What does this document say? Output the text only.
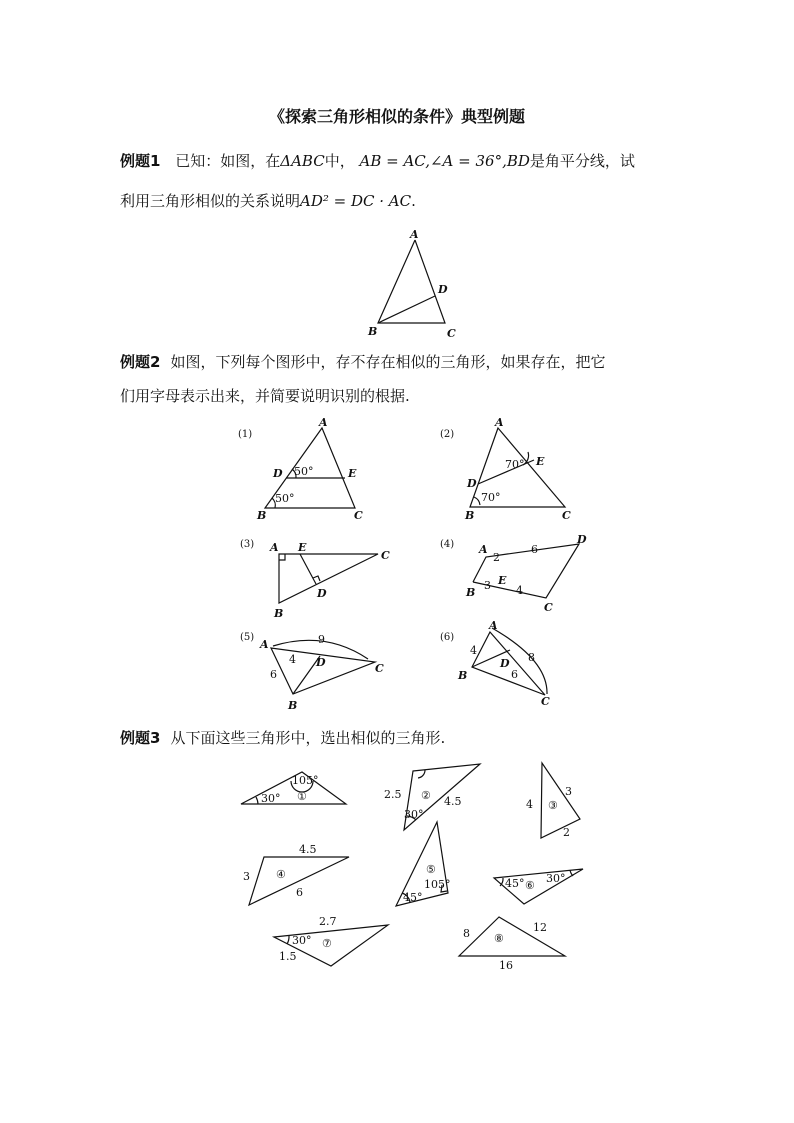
《探索三角形相似的条件》典型例题
例题1 已知：如图，在ΔABC中， AB = AC,∠A = 36°,BD是角平分线，试
利用三角形相似的关系说明AD² = DC · AC.
例题2 如图，下列每个图形中，存不存在相似的三角形，如果存在，把它
们用字母表示出来，并简要说明识别的根据.
例题3 从下面这些三角形中，选出相似的三角形.
A
B	C
D
(1)
A
B	C
D	E
50°
50°
(2)
A
B	C
D
E
70°
70°
(3) A
B
C
D
E	(4) A
B
C
D
E
2
6
3 4
(5)
A
B
C
D
9
4
6
(6)
A
B
C
D
4
8
6
①
105°
30°	②
2.5
4.5
30°
③
4
3
2
④
4.5
3
6
⑤
105°
45°
⑥
45° 30°
⑦
2.7
1.5
30°	⑧
8	12
16
